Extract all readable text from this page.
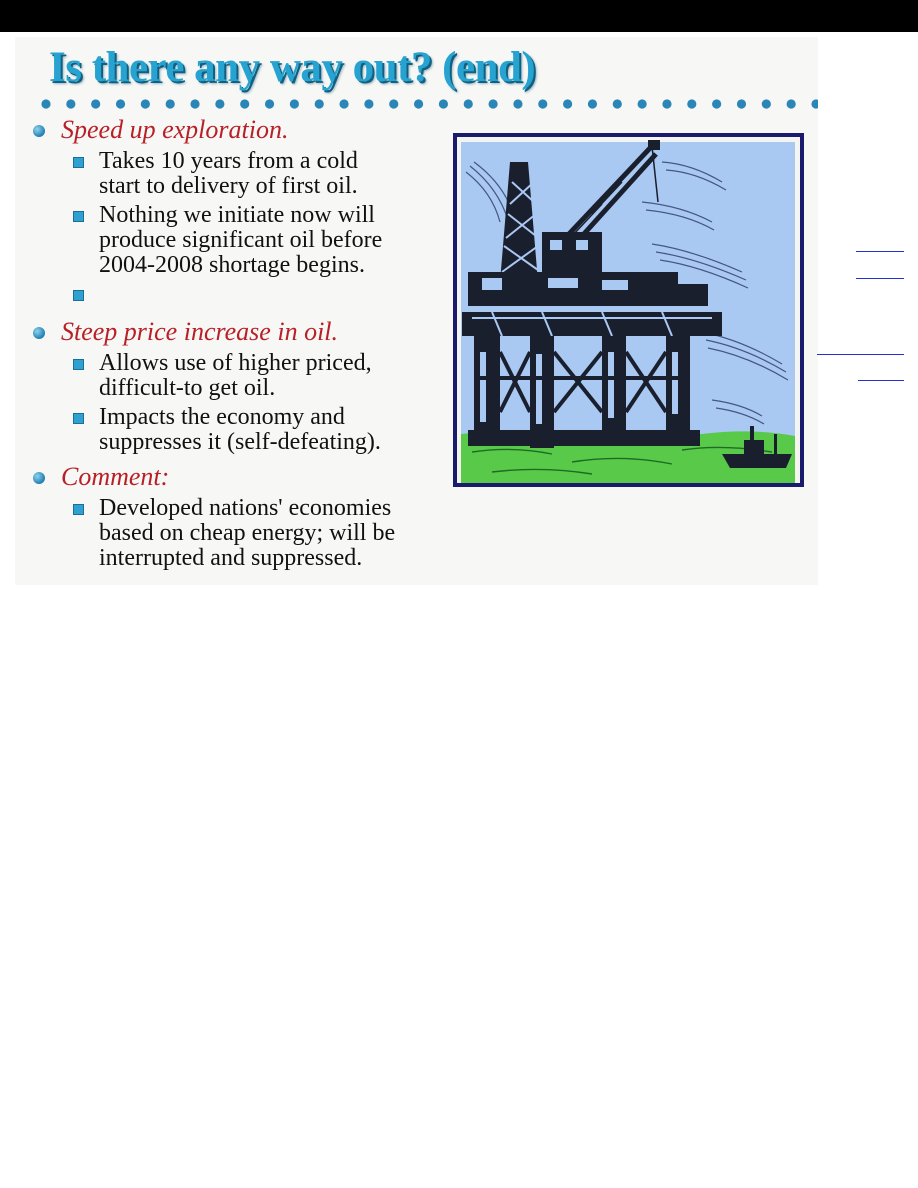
Is there any way out? (end)
Speed up exploration.
Takes 10 years from a cold
start to delivery of first oil.
Nothing we initiate now will
produce significant oil before
2004-2008 shortage begins.
Steep price increase in oil.
Allows use of higher priced,
difficult-to get oil.
Impacts the economy and
suppresses it (self-defeating).
Comment:
Developed nations' economies
based on cheap energy; will be
interrupted and suppressed.
